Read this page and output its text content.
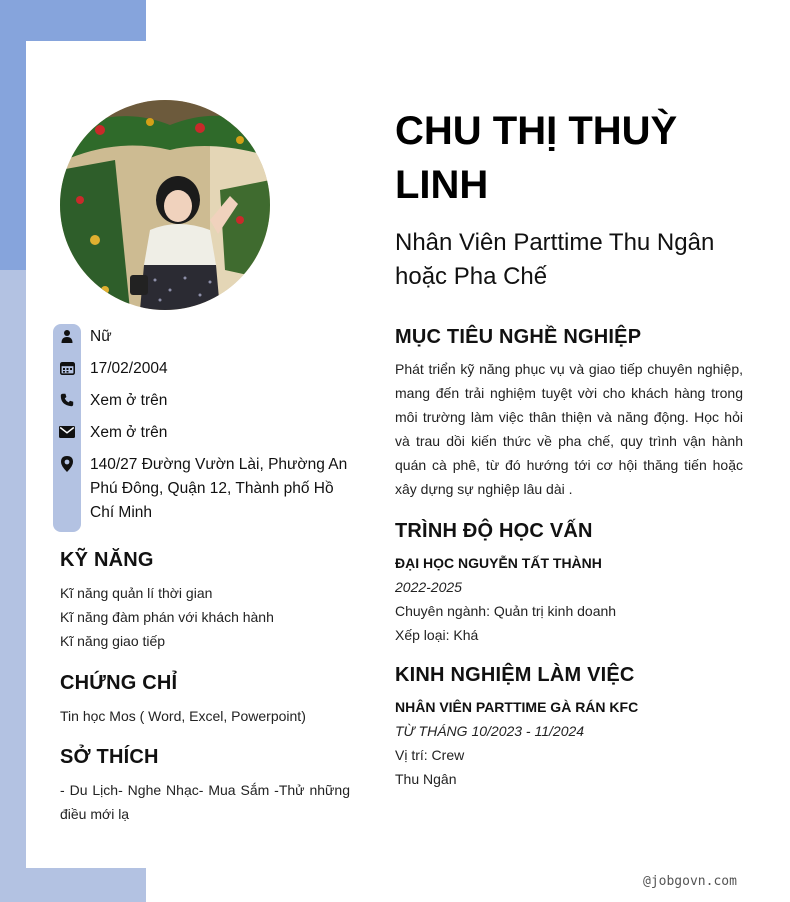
Nữ
17/02/2004
Xem ở trên
Xem ở trên
140/27 Đường Vườn Lài, Phường An Phú Đông, Quận 12, Thành phố Hồ Chí Minh
KỸ NĂNG
Kĩ năng quản lí thời gian
Kĩ năng đàm phán với khách hành
Kĩ năng giao tiếp
CHỨNG CHỈ
Tin học Mos ( Word, Excel, Powerpoint)
SỞ THÍCH
- Du Lịch- Nghe Nhạc- Mua Sắm -Thử những điều mới lạ
CHU THỊ THUỲ LINH
Nhân Viên Parttime Thu Ngân hoặc Pha Chế
MỤC TIÊU NGHỀ NGHIỆP
Phát triển kỹ năng phục vụ và giao tiếp chuyên nghiệp, mang đến trải nghiệm tuyệt vời cho khách hàng trong môi trường làm việc thân thiện và năng động. Học hỏi và trau dồi kiến thức về pha chế, quy trình vận hành quán cà phê, từ đó hướng tới cơ hội thăng tiến hoặc xây dựng sự nghiệp lâu dài .
TRÌNH ĐỘ HỌC VẤN
ĐẠI HỌC NGUYỄN TẤT THÀNH
2022-2025
Chuyên ngành: Quản trị kinh doanh
Xếp loại: Khá
KINH NGHIỆM LÀM VIỆC
NHÂN VIÊN PARTTIME GÀ RÁN KFC
TỪ THÁNG 10/2023 - 11/2024
Vị trí: Crew
Thu Ngân
@jobgovn.com
